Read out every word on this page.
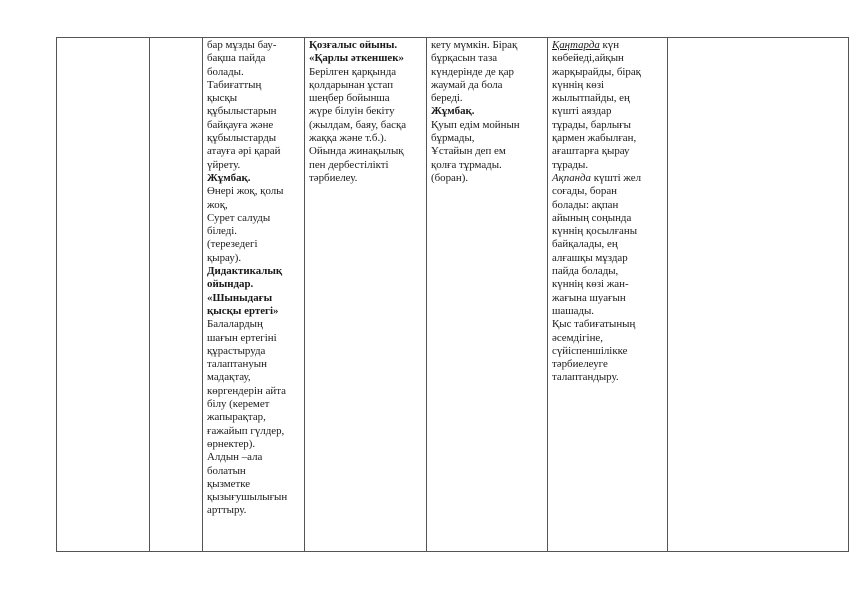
бар мұзды бау-
бақша пайда
болады.
Табиғаттың
қысқы
құбылыстарын
байқауға және
құбылыстарды
атауға әрі қарай
үйрету.
Жұмбақ.
Өнері жоқ, қолы
жоқ,
Сурет салуды
біледі.
(терезедегі
қырау).
Дидактикалық
ойындар.
«Шыныдағы
қысқы ертегі»
Балалардың
шағын ертегіні
құрастыруда
талаптануын
мадақтау,
көргендерін айта
білу (керемет
жапырақтар,
ғажайып гүлдер,
өрнектер).
Алдын –ала
болатын
қызметке
қызығушылығын
арттыру.

Қозғалыс ойыны.
«Қарлы әткеншек»
Берілген қарқында
қолдарынан ұстап
шеңбер бойынша
жүре білуін бекіту
(жылдам, баяу, басқа
жаққа және т.б.).
Ойында жинақылық
пен дербестілікті
тәрбиелеу.

кету мүмкін. Бірақ
бұрқасын таза
күндерінде де қар
жаумай да бола
береді.
Жұмбақ.
Қуып едім мойнын
бұрмады,
Ұстайын деп ем
қолға тұрмады.
(боран).

Қаңтарда күн
көбейеді,айқын
жарқырайды, бірақ
күннің көзі
жылытпайды, ең
күшті аяздар
тұрады, барлығы
қармен жабылған,
ағаштарға қырау
тұрады.
Ақпанда күшті жел
соғады, боран
болады: ақпан
айының соңында
күннің қосылғаны
байқалады, ең
алғашқы мұздар
пайда болады,
күннің көзі жан-
жағына шуағын
шашады.
Қыс табиғатының
әсемдігіне,
сүйіспеншілікке
тәрбиелеуге
талаптандыру.
